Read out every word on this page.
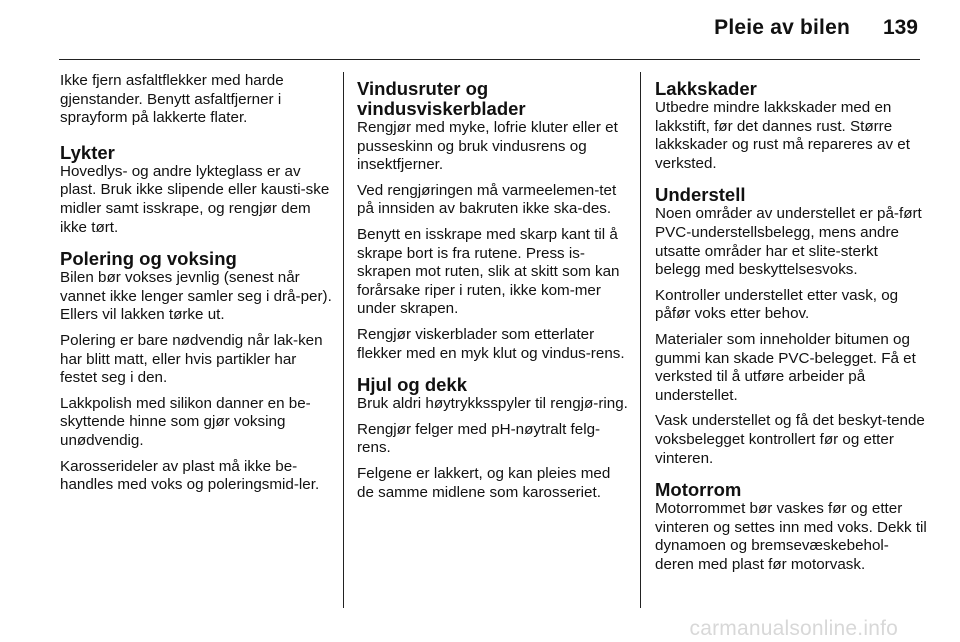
Pleie av bilen 139

Ikke fjern asfaltflekker med harde gjenstander. Benytt asfaltfjerner i sprayform på lakkerte flater.

Lykter

Hovedlys- og andre lykteglass er av plast. Bruk ikke slipende eller kausti-ske midler samt isskrape, og rengjør dem ikke tørt.

Polering og voksing

Bilen bør vokses jevnlig (senest når vannet ikke lenger samler seg i drå-per). Ellers vil lakken tørke ut.

Polering er bare nødvendig når lak-ken har blitt matt, eller hvis partikler har festet seg i den.

Lakkpolish med silikon danner en be-skyttende hinne som gjør voksing unødvendig.

Karosserideler av plast må ikke be-handles med voks og poleringsmid-ler.

Vindusruter og vindusviskerblader

Rengjør med myke, lofrie kluter eller et pusseskinn og bruk vindusrens og insektfjerner.

Ved rengjøringen må varmeelemen-tet på innsiden av bakruten ikke ska-des.

Benytt en isskrape med skarp kant til å skrape bort is fra rutene. Press is-skrapen mot ruten, slik at skitt som kan forårsake riper i ruten, ikke kom-mer under skrapen.

Rengjør viskerblader som etterlater flekker med en myk klut og vindus-rens.

Hjul og dekk

Bruk aldri høytrykksspyler til rengjø-ring.

Rengjør felger med pH-nøytralt felg-rens.

Felgene er lakkert, og kan pleies med de samme midlene som karosseriet.

Lakkskader

Utbedre mindre lakkskader med en lakkstift, før det dannes rust. Større lakkskader og rust må repareres av et verksted.

Understell

Noen områder av understellet er på-ført PVC-understellsbelegg, mens andre utsatte områder har et slite-sterkt belegg med beskyttelsesvoks.

Kontroller understellet etter vask, og påfør voks etter behov.

Materialer som inneholder bitumen og gummi kan skade PVC-belegget. Få et verksted til å utføre arbeider på understellet.

Vask understellet og få det beskyt-tende voksbelegget kontrollert før og etter vinteren.

Motorrom

Motorrommet bør vaskes før og etter vinteren og settes inn med voks. Dekk til dynamoen og bremsevæskebehol-deren med plast før motorvask.

carmanualsonline.info
